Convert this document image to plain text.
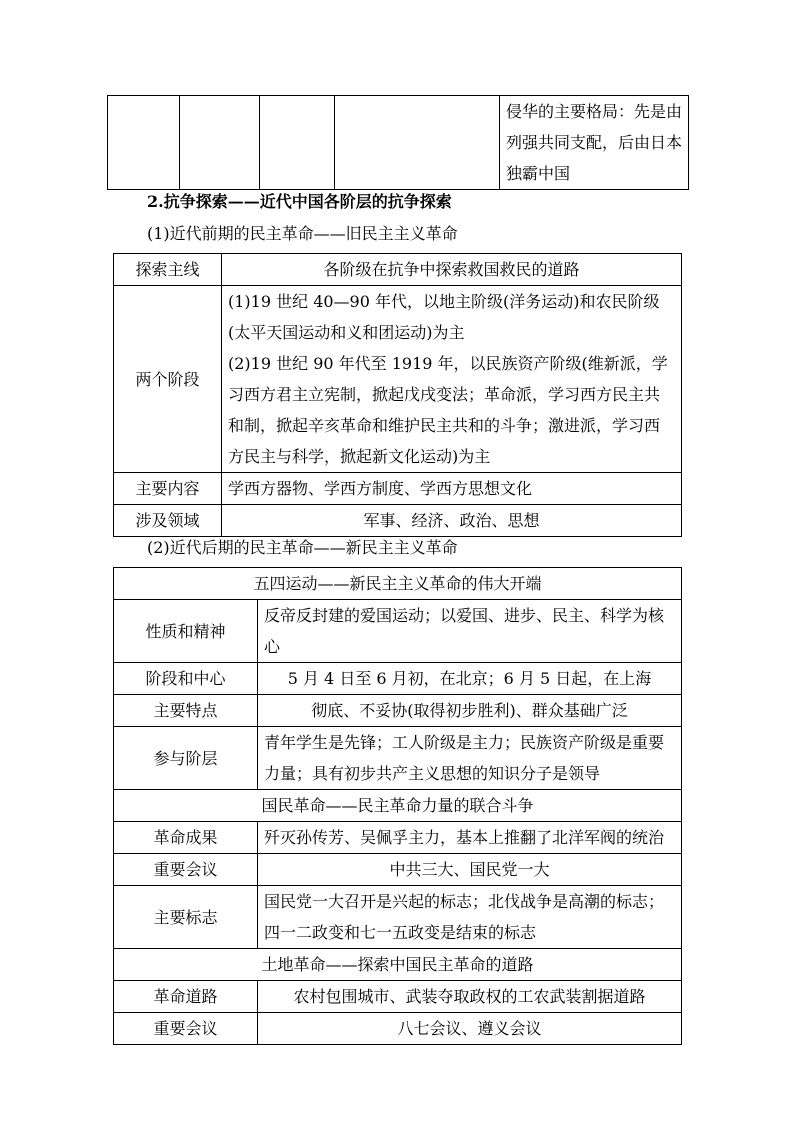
				侵华的主要格局：先是由列强共同支配，后由日本独霸中国
2.抗争探索——近代中国各阶层的抗争探索
(1)近代前期的民主革命——旧民主主义革命
探索主线	各阶级在抗争中探索救国救民的道路
两个阶段	(1)19 世纪 40—90 年代，以地主阶级(洋务运动)和农民阶级(太平天国运动和义和团运动)为主
(2)19 世纪 90 年代至 1919 年，以民族资产阶级(维新派，学习西方君主立宪制，掀起戊戌变法；革命派，学习西方民主共和制，掀起辛亥革命和维护民主共和的斗争；激进派，学习西方民主与科学，掀起新文化运动)为主

主要内容	学西方器物、学西方制度、学西方思想文化
涉及领域	军事、经济、政治、思想
(2)近代后期的民主革命——新民主主义革命
五四运动——新民主主义革命的伟大开端	
性质和精神	反帝反封建的爱国运动；以爱国、进步、民主、科学为核心
阶段和中心	5 月 4 日至 6 月初，在北京；6 月 5 日起，在上海
主要特点	彻底、不妥协(取得初步胜利)、群众基础广泛
参与阶层	青年学生是先锋；工人阶级是主力；民族资产阶级是重要力量；具有初步共产主义思想的知识分子是领导
国民革命——民主革命力量的联合斗争	
革命成果	歼灭孙传芳、吴佩孚主力，基本上推翻了北洋军阀的统治
重要会议	中共三大、国民党一大
主要标志	国民党一大召开是兴起的标志；北伐战争是高潮的标志；四一二政变和七一五政变是结束的标志
土地革命——探索中国民主革命的道路	
革命道路	农村包围城市、武装夺取政权的工农武装割据道路
重要会议	八七会议、遵义会议
